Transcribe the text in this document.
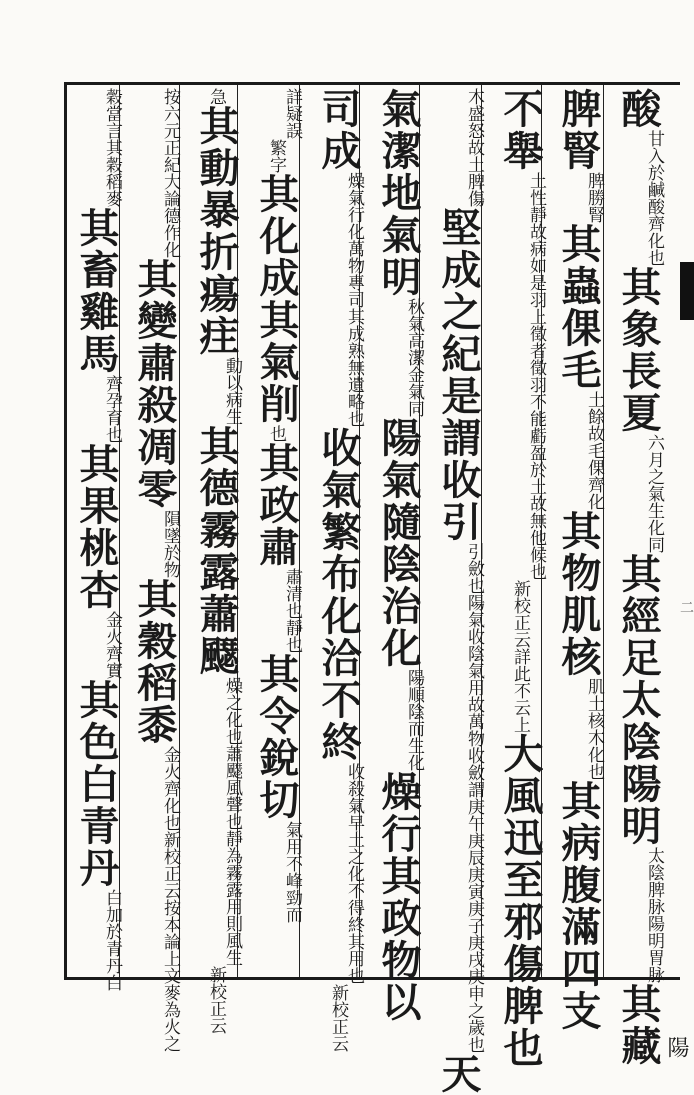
酸甘入於鹹酸齊化也其象長夏六月之氣生化同其經足太陰陽明太陰脾脉陽明胃脉其藏
脾腎脾勝腎其蟲倮毛土餘故毛倮齊化其物肌核肌土核木化也其病腹滿四支
不舉土性靜故病如是羽上徵者徵羽不能虧盈於土故無他候也新校正云詳此不云上大風迅至邪傷脾也
木盛怒故土脾傷堅成之紀是謂收引引斂也陽氣收陰氣用故萬物收斂謂庚午庚辰庚寅庚子庚戌庚申之歲也天
氣潔地氣明秋氣高潔金氣同陽氣隨陰治化陽順陰而生化燥行其政物以
司成燥氣行化萬物專司其成熟無遺略也收氣繁布化洽不終收殺氣早土之化不得終其用也新校正云
詳疑誤繁字其化成其氣削也其政肅肅清也靜也其令銳切氣用不峰勁而
急其動暴折瘍疰動以病生其德霧露蕭飋燥之化也蕭飋風聲也靜為霧露用則風生新校正云
按六元正紀大論德作化其變肅殺凋零隕墜於物其穀稻黍金火齊化也新校正云按本論上文麥為火之
穀當言其穀稻麥其畜雞馬齊孕育也其果桃杏金火齊實其色白青丹白加於青丹白
陽
二
